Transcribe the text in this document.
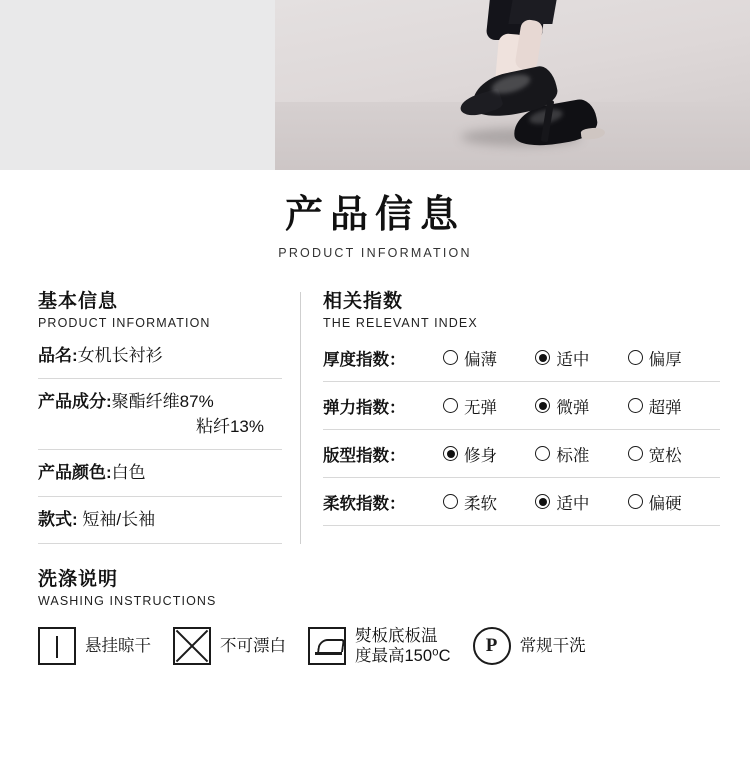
产品信息
PRODUCT INFORMATION
基本信息
PRODUCT INFORMATION
品名:女机长衬衫
产品成分:聚酯纤维87%
粘纤13%
产品颜色:白色
款式: 短袖/长袖
相关指数
THE RELEVANT INDEX
厚度指数：	偏薄	适中	偏厚
弹力指数：	无弹	微弹	超弹
版型指数：	修身	标准	宽松
柔软指数：	柔软	适中	偏硬
洗涤说明
WASHING INSTRUCTIONS
悬挂晾干	不可漂白
熨板底板温
度最高150⁰C	P	常规干洗
